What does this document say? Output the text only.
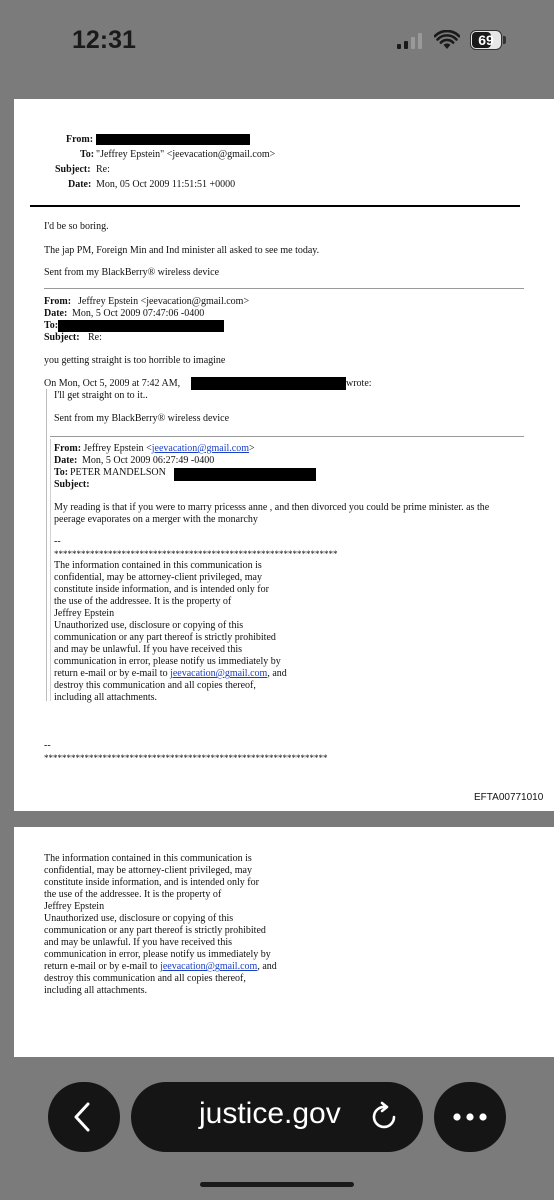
12:31	69
From:
To: "Jeffrey Epstein" <jeevacation@gmail.com>
Subject: Re:
Date: Mon, 05 Oct 2009 11:51:51 +0000
I'd be so boring.
The jap PM, Foreign Min and Ind minister all asked to see me today.
Sent from my BlackBerry® wireless device
From: Jeffrey Epstein <jeevacation@gmail.com>
Date: Mon, 5 Oct 2009 07:47:06 -0400
To:
Subject: Re:
you getting straight is too horrible to imagine
On Mon, Oct 5, 2009 at 7:42 AM,	wrote:
I'll get straight on to it..
Sent from my BlackBerry® wireless device
From: Jeffrey Epstein <jeevacation@gmail.com>
Date: Mon, 5 Oct 2009 06:27:49 -0400
To: PETER MANDELSON
Subject:
My reading is that if you were to marry pricesss anne , and then divorced you could be prime minister. as the
peerage evaporates on a merger with the monarchy
--
***************************************************************
The information contained in this communication is
confidential, may be attorney-client privileged, may
constitute inside information, and is intended only for
the use of the addressee. It is the property of
Jeffrey Epstein
Unauthorized use, disclosure or copying of this
communication or any part thereof is strictly prohibited
and may be unlawful. If you have received this
communication in error, please notify us immediately by
return e-mail or by e-mail to jeevacation@gmail.com, and
destroy this communication and all copies thereof,
including all attachments.
--
***************************************************************
EFTA00771010
The information contained in this communication is
confidential, may be attorney-client privileged, may
constitute inside information, and is intended only for
the use of the addressee. It is the property of
Jeffrey Epstein
Unauthorized use, disclosure or copying of this
communication or any part thereof is strictly prohibited
and may be unlawful. If you have received this
communication in error, please notify us immediately by
return e-mail or by e-mail to jeevacation@gmail.com, and
destroy this communication and all copies thereof,
including all attachments.
justice.gov
